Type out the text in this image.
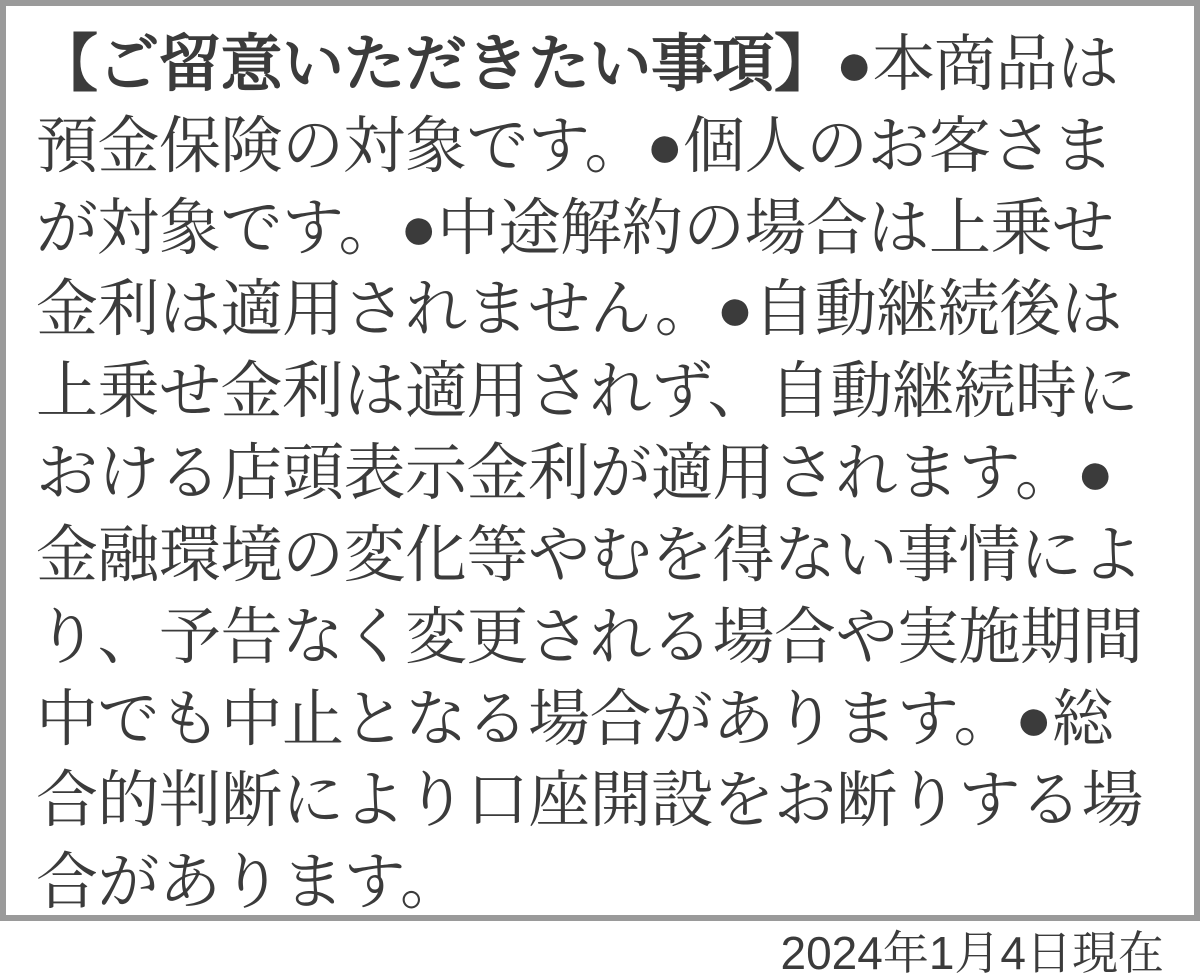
【ご留意いただきたい事項】●本商品は預金保険の対象です。●個人のお客さまが対象です。●中途解約の場合は上乗せ金利は適用されません。●自動継続後は上乗せ金利は適用されず、自動継続時における店頭表示金利が適用されます。●金融環境の変化等やむを得ない事情により、予告なく変更される場合や実施期間中でも中止となる場合があります。●総合的判断により口座開設をお断りする場合があります。
2024年1月4日現在
